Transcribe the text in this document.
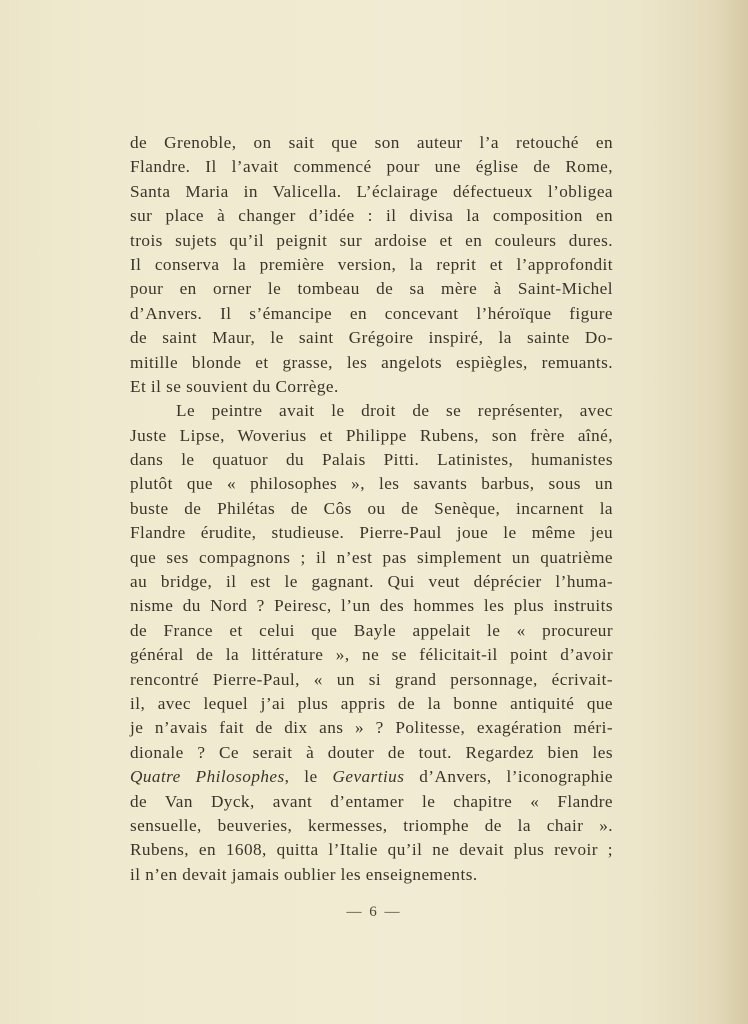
de Grenoble, on sait que son auteur l’a retouché en
Flandre. Il l’avait commencé pour une église de Rome,
Santa Maria in Valicella. L’éclairage défectueux l’obligea
sur place à changer d’idée : il divisa la composition en
trois sujets qu’il peignit sur ardoise et en couleurs dures.
Il conserva la première version, la reprit et l’approfondit
pour en orner le tombeau de sa mère à Saint-Michel
d’Anvers. Il s’émancipe en concevant l’héroïque figure
de saint Maur, le saint Grégoire inspiré, la sainte Do-
mitille blonde et grasse, les angelots espiègles, remuants.
Et il se souvient du Corrège.
Le peintre avait le droit de se représenter, avec
Juste Lipse, Woverius et Philippe Rubens, son frère aîné,
dans le quatuor du Palais Pitti. Latinistes, humanistes
plutôt que « philosophes », les savants barbus, sous un
buste de Philétas de Côs ou de Senèque, incarnent la
Flandre érudite, studieuse. Pierre-Paul joue le même jeu
que ses compagnons ; il n’est pas simplement un quatrième
au bridge, il est le gagnant. Qui veut déprécier l’huma-
nisme du Nord ? Peiresc, l’un des hommes les plus instruits
de France et celui que Bayle appelait le « procureur
général de la littérature », ne se félicitait-il point d’avoir
rencontré Pierre-Paul, « un si grand personnage, écrivait-
il, avec lequel j’ai plus appris de la bonne antiquité que
je n’avais fait de dix ans » ? Politesse, exagération méri-
dionale ? Ce serait à douter de tout. Regardez bien les
Quatre Philosophes, le Gevartius d’Anvers, l’iconographie
de Van Dyck, avant d’entamer le chapitre « Flandre
sensuelle, beuveries, kermesses, triomphe de la chair ».
Rubens, en 1608, quitta l’Italie qu’il ne devait plus revoir ;
il n’en devait jamais oublier les enseignements.
— 6 —
